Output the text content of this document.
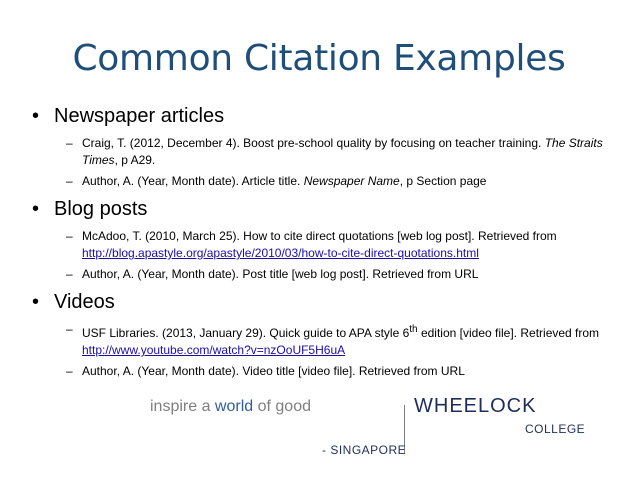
Common Citation Examples
• Newspaper articles
– Craig, T. (2012, December 4). Boost pre-school quality by focusing on teacher training. The Straits Times, p A29.
– Author, A. (Year, Month date). Article title. Newspaper Name, p Section page
• Blog posts
– McAdoo, T. (2010, March 25). How to cite direct quotations [web log post]. Retrieved from http://blog.apastyle.org/apastyle/2010/03/how-to-cite-direct-quotations.html
– Author, A. (Year, Month date). Post title [web log post]. Retrieved from URL
• Videos
– USF Libraries. (2013, January 29). Quick guide to APA style 6th edition [video file]. Retrieved from http://www.youtube.com/watch?v=nzOoUF5H6uA
– Author, A. (Year, Month date). Video title [video file]. Retrieved from URL
inspire a world of good	WHEELOCK
COLLEGE
- SINGAPORE
